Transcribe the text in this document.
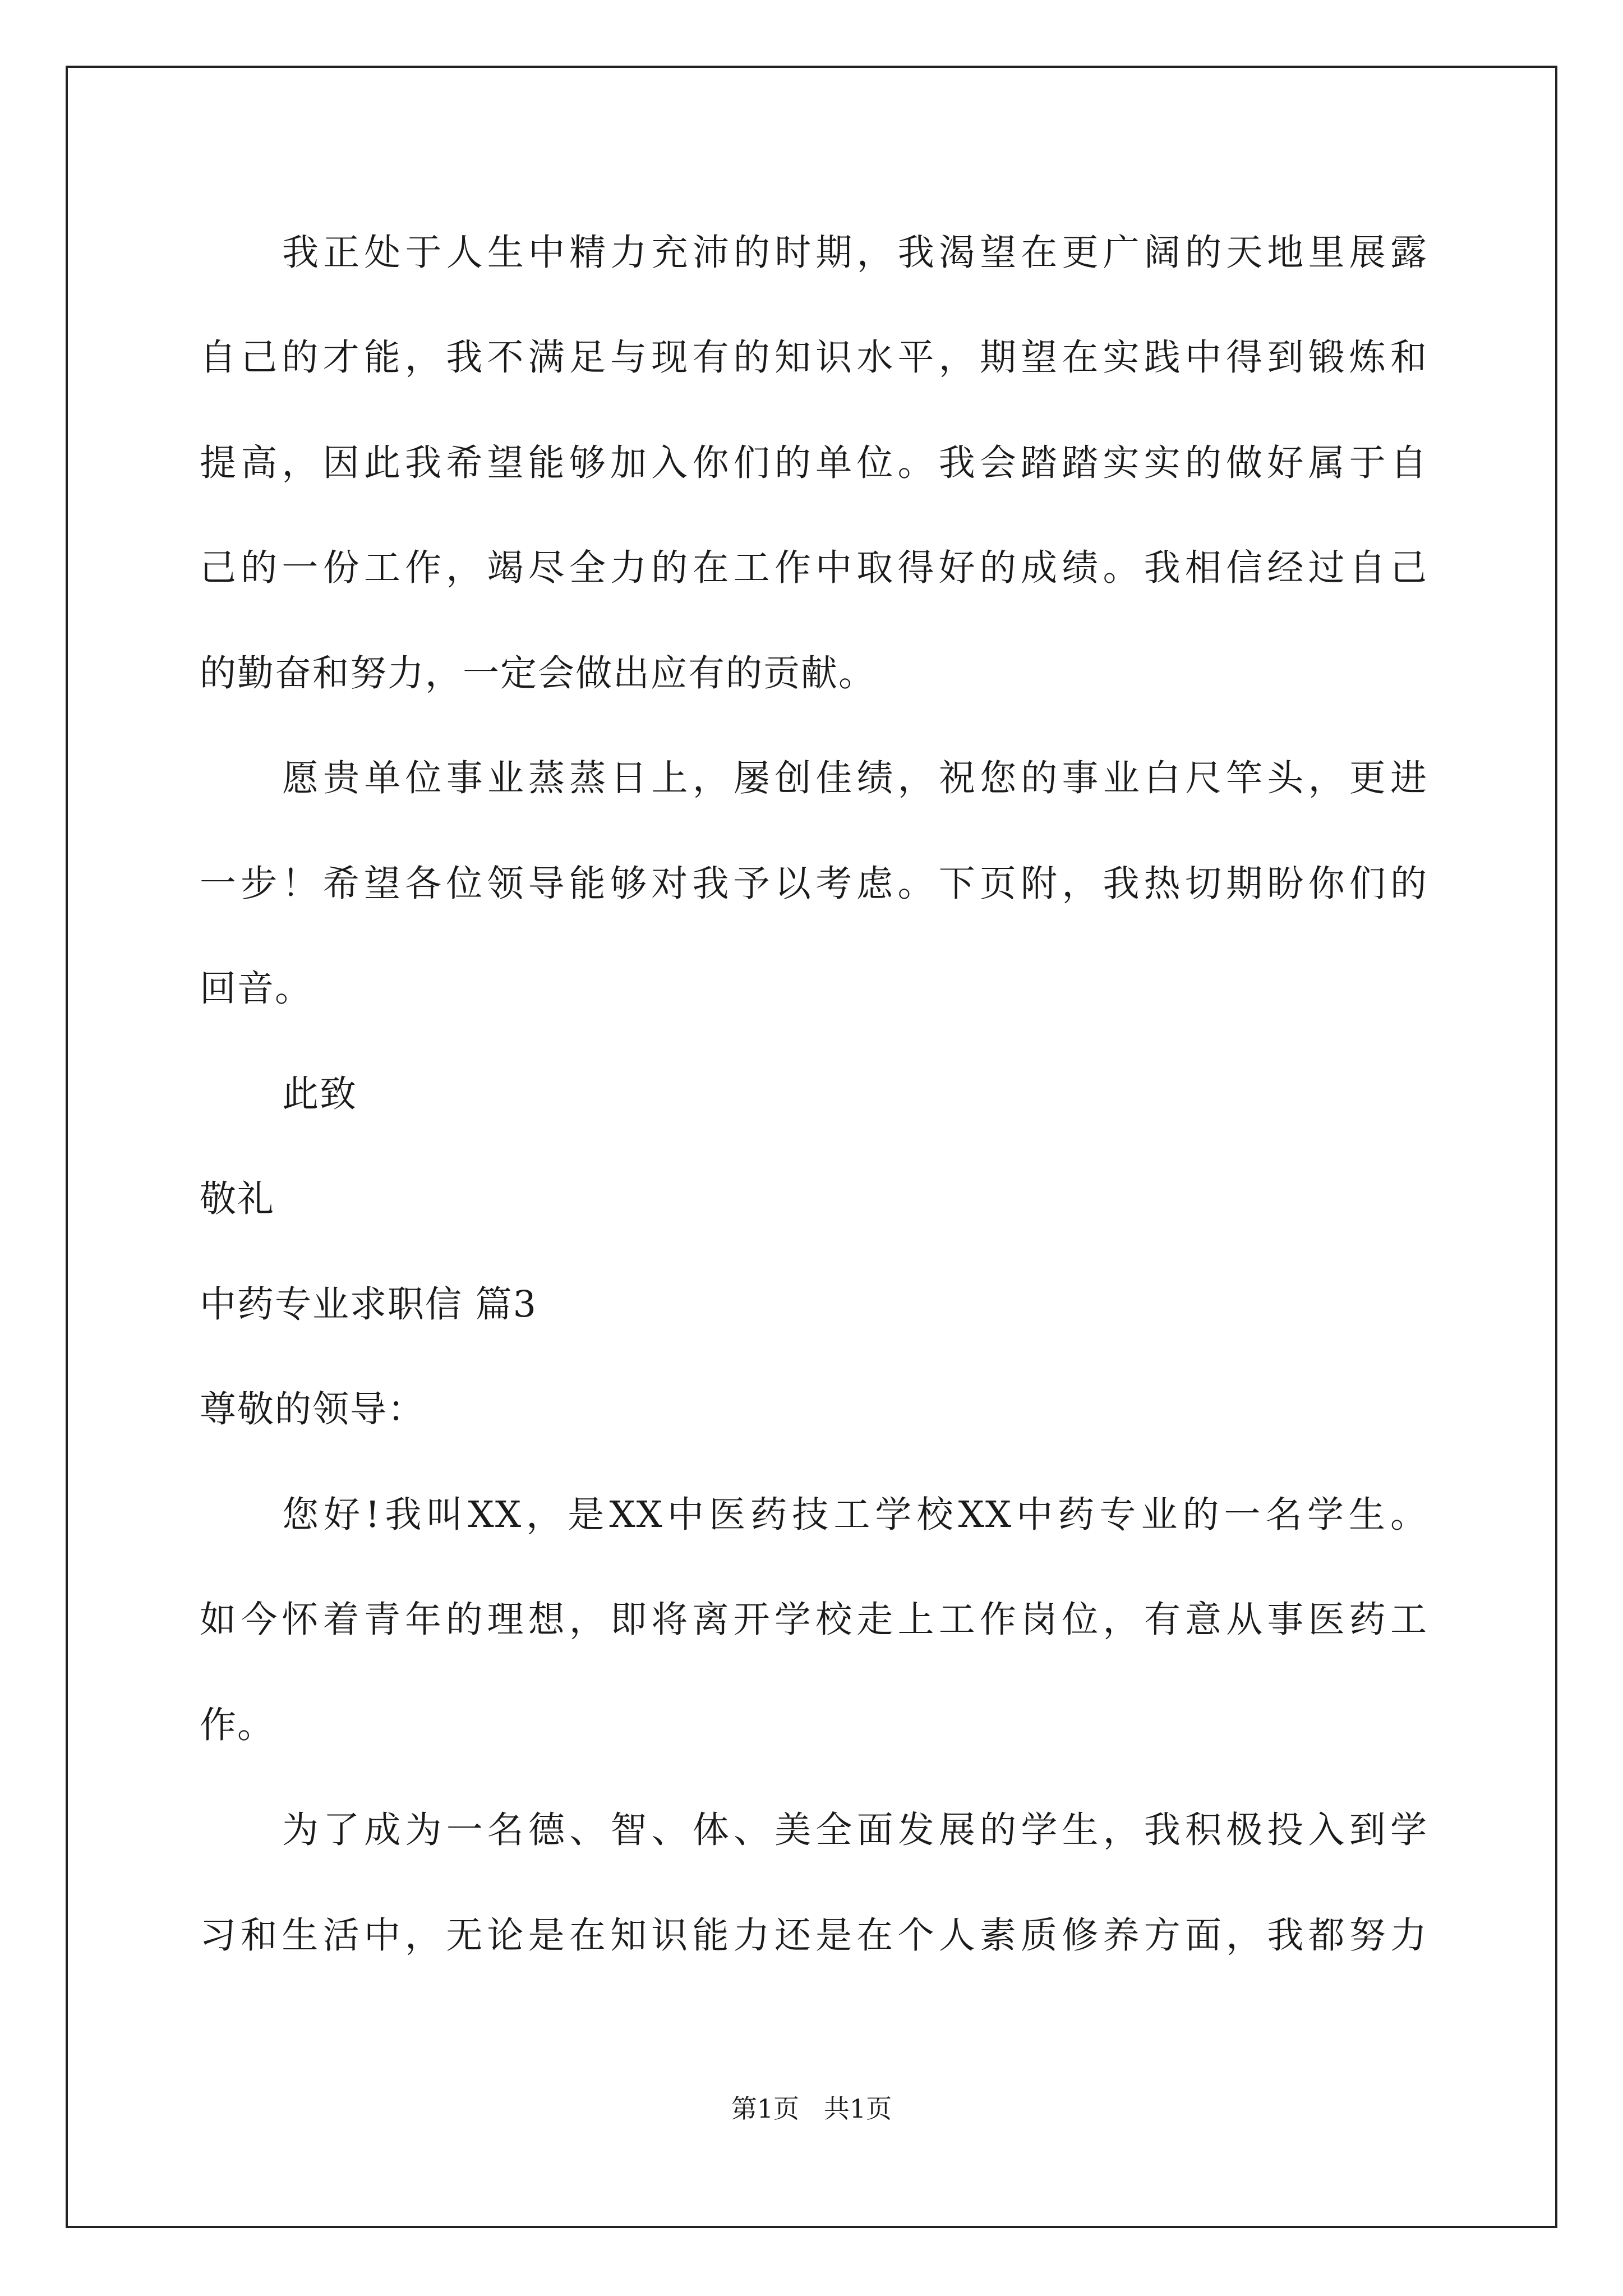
我正处于人生中精力充沛的时期，我渴望在更广阔的天地里展露
自己的才能，我不满足与现有的知识水平，期望在实践中得到锻炼和
提高，因此我希望能够加入你们的单位。我会踏踏实实的做好属于自
己的一份工作，竭尽全力的在工作中取得好的成绩。我相信经过自己
的勤奋和努力，一定会做出应有的贡献。
愿贵单位事业蒸蒸日上，屡创佳绩，祝您的事业白尺竿头，更进
一步！希望各位领导能够对我予以考虑。下页附，我热切期盼你们的
回音。
此致
敬礼
中药专业求职信 篇3
尊敬的领导：
您好!我叫XX，是XX中医药技工学校XX中药专业的一名学生。
如今怀着青年的理想，即将离开学校走上工作岗位，有意从事医药工
作。
为了成为一名德、智、体、美全面发展的学生，我积极投入到学
习和生活中，无论是在知识能力还是在个人素质修养方面，我都努力
第1页   共1页
